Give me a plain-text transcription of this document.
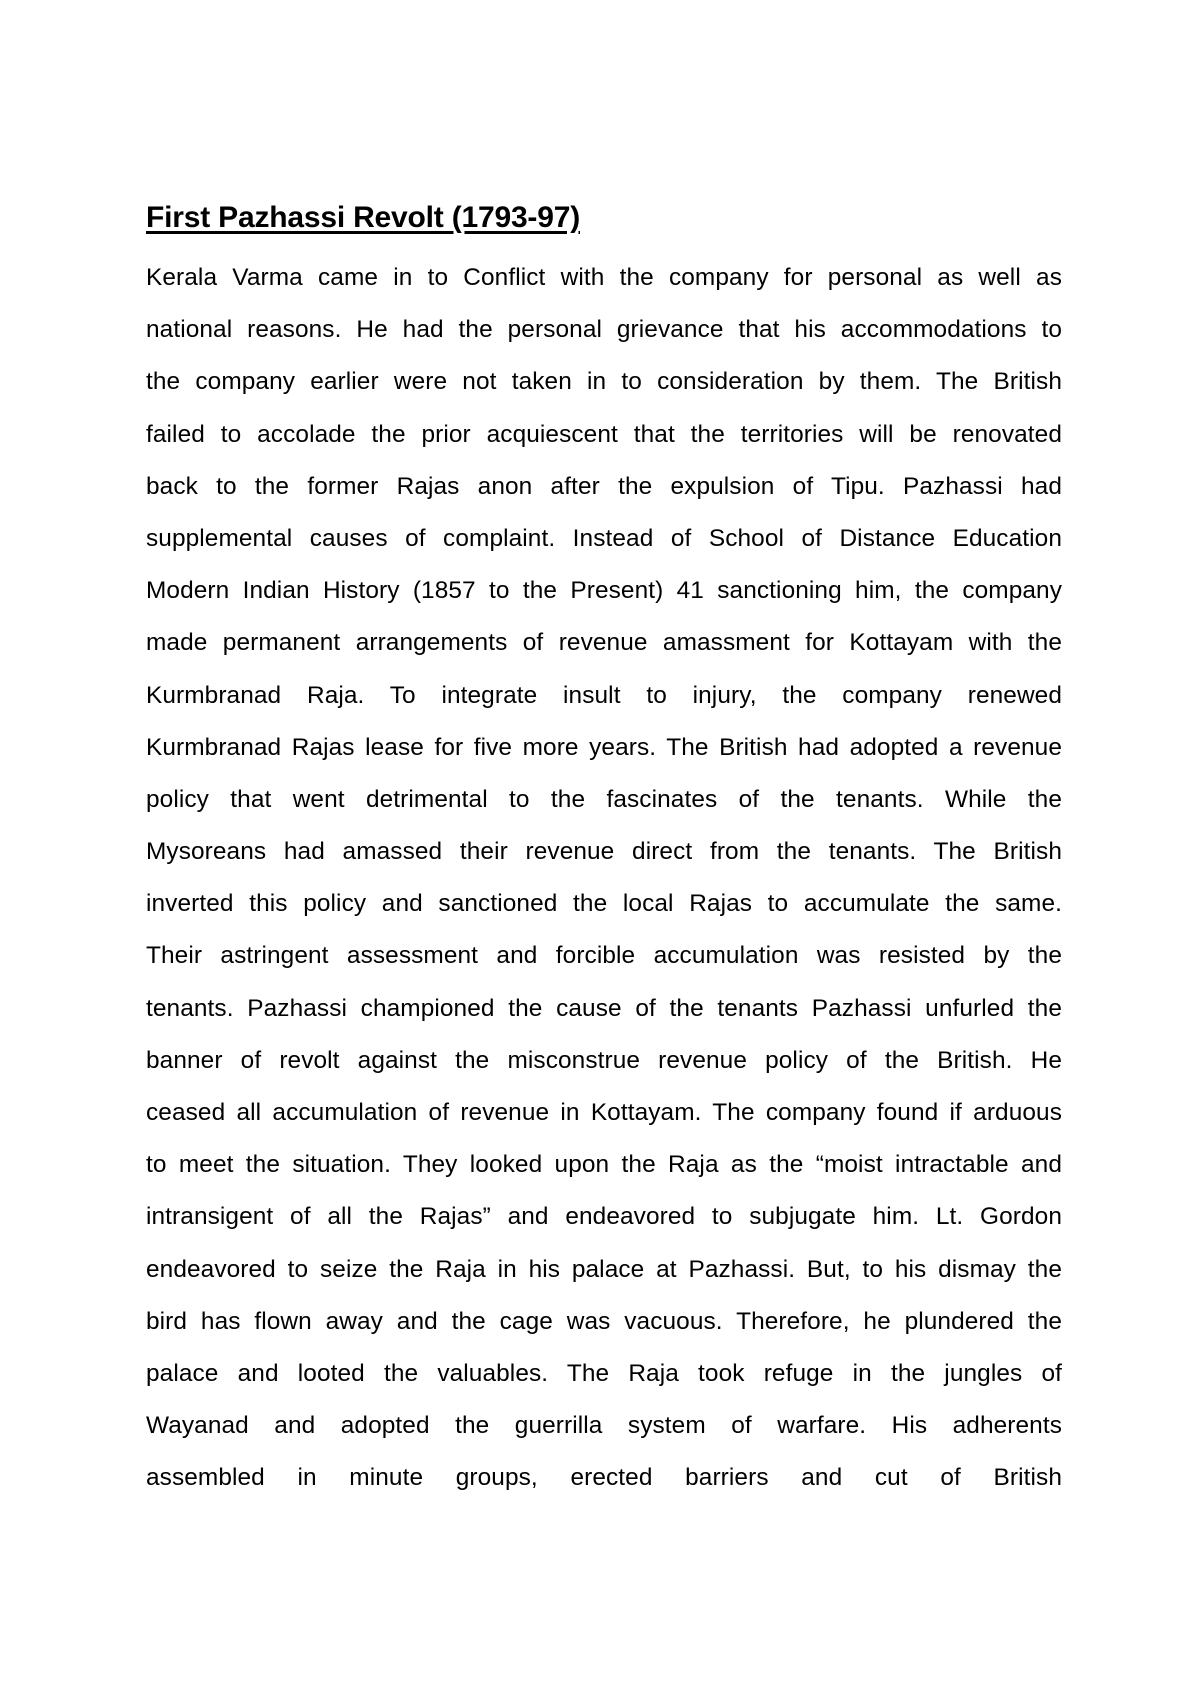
First Pazhassi Revolt (1793-97)
Kerala Varma came in to Conflict with the company for personal as well as
national reasons. He had the personal grievance that his accommodations to
the company earlier were not taken in to consideration by them. The British
failed to accolade the prior acquiescent that the territories will be renovated
back to the former Rajas anon after the expulsion of Tipu. Pazhassi had
supplemental causes of complaint. Instead of School of Distance Education
Modern Indian History (1857 to the Present) 41 sanctioning him, the company
made permanent arrangements of revenue amassment for Kottayam with the
Kurmbranad Raja. To integrate insult to injury, the company renewed
Kurmbranad Rajas lease for five more years. The British had adopted a revenue
policy that went detrimental to the fascinates of the tenants. While the
Mysoreans had amassed their revenue direct from the tenants. The British
inverted this policy and sanctioned the local Rajas to accumulate the same.
Their astringent assessment and forcible accumulation was resisted by the
tenants. Pazhassi championed the cause of the tenants Pazhassi unfurled the
banner of revolt against the misconstrue revenue policy of the British. He
ceased all accumulation of revenue in Kottayam. The company found if arduous
to meet the situation. They looked upon the Raja as the “moist intractable and
intransigent of all the Rajas” and endeavored to subjugate him. Lt. Gordon
endeavored to seize the Raja in his palace at Pazhassi. But, to his dismay the
bird has flown away and the cage was vacuous. Therefore, he plundered the
palace and looted the valuables. The Raja took refuge in the jungles of
Wayanad and adopted the guerrilla system of warfare. His adherents
assembled in minute groups, erected barriers and cut of British
